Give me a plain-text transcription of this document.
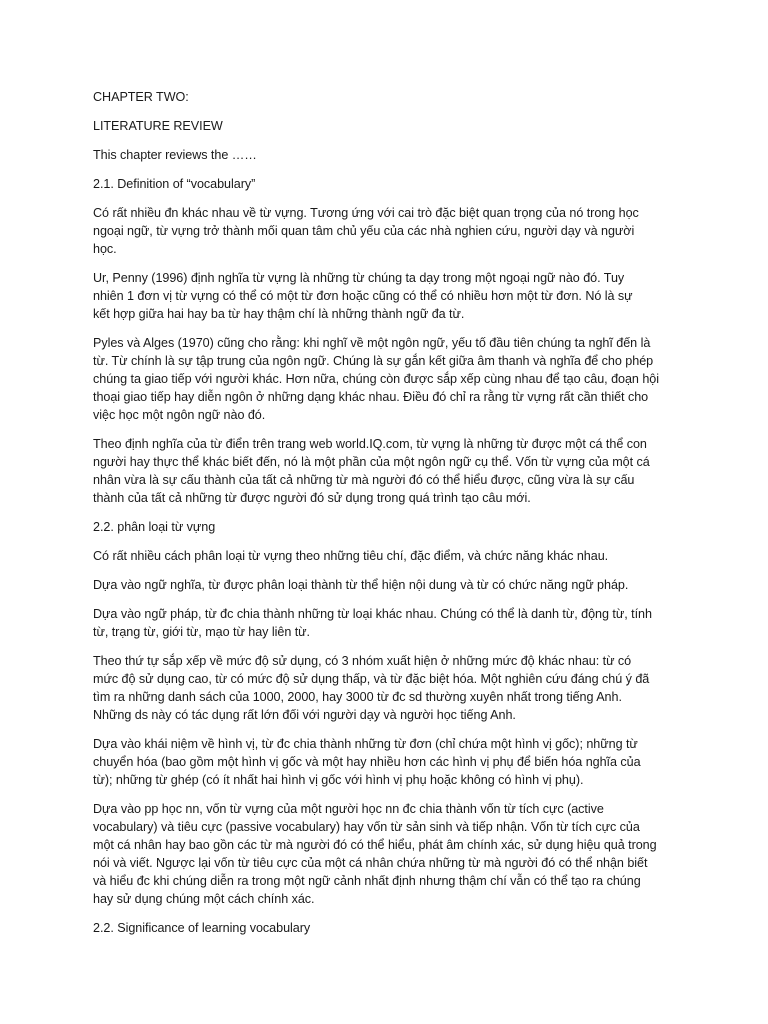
CHAPTER TWO:

LITERATURE REVIEW

This chapter reviews the ……

2.1. Definition of “vocabulary”

Có rất nhiều đn khác nhau về từ vựng. Tương ứng với cai trò đặc biệt quan trọng của nó trong học
ngoại ngữ, từ vựng trở thành mối quan tâm chủ yếu của các nhà nghien cứu, người dạy và người
học.
Ur, Penny (1996) định nghĩa từ vựng là những từ chúng ta dạy trong một ngoại ngữ nào đó. Tuy
nhiên 1 đơn vị từ vựng có thể có một từ đơn hoặc cũng có thể có nhiều hơn một từ đơn. Nó là sự
kết hợp giữa hai hay ba từ hay thậm chí là những thành ngữ đa từ.
Pyles và Alges (1970) cũng cho rằng: khi nghĩ về một ngôn ngữ, yếu tố đầu tiên chúng ta nghĩ đến là
từ. Từ chính là sự tập trung của ngôn ngữ. Chúng là sự gắn kết giữa âm thanh và nghĩa để cho phép
chúng ta giao tiếp với người khác. Hơn nữa, chúng còn được sắp xếp cùng nhau để tạo câu, đoạn hội
thoại giao tiếp hay diễn ngôn ở những dạng khác nhau. Điều đó chỉ ra rằng từ vựng rất cần thiết cho
việc học một ngôn ngữ nào đó.
Theo định nghĩa của từ điển trên trang web world.IQ.com, từ vựng là những từ được một cá thể con
người hay thực thể khác biết đến, nó là một phần của một ngôn ngữ cụ thể. Vốn từ vựng của một cá
nhân vừa là sự cấu thành của tất cả những từ mà người đó có thể hiểu được, cũng vừa là sự cấu
thành của tất cả những từ được người đó sử dụng trong quá trình tạo câu mới.

2.2. phân loại từ vựng

Có rất nhiều cách phân loại từ vựng theo những tiêu chí, đặc điểm, và chức năng khác nhau.
Dựa vào ngữ nghĩa, từ được phân loại thành từ thể hiện nội dung và từ có chức năng ngữ pháp.
Dựa vào ngữ pháp, từ đc chia thành những từ loại khác nhau. Chúng có thể là danh từ, động từ, tính
từ, trạng từ, giới từ, mạo từ hay liên từ.
Theo thứ tự sắp xếp về mức độ sử dụng, có 3 nhóm xuất hiện ở những mức độ khác nhau: từ có
mức độ sử dụng cao, từ có mức độ sử dụng thấp, và từ đặc biệt hóa. Một nghiên cứu đáng chú ý đã
tìm ra những danh sách của 1000, 2000, hay 3000 từ đc sd thường xuyên nhất trong tiếng Anh.
Những ds này có tác dụng rất lớn đối với người dạy và người học tiếng Anh.
Dựa vào khái niệm về hình vị, từ đc chia thành những từ đơn (chỉ chứa một hình vị gốc); những từ
chuyển hóa (bao gồm một hình vị gốc và một hay nhiều hơn các hình vị phụ để biến hóa nghĩa của
từ); những từ ghép (có ít nhất hai hình vị gốc với hình vị phụ hoặc không có hình vị phụ).
Dựa vào pp học nn, vốn từ vựng của một người học nn đc chia thành vốn từ tích cực (active
vocabulary) và tiêu cực (passive vocabulary) hay vốn từ sản sinh và tiếp nhận. Vốn từ tích cực của
một cá nhân hay bao gồn các từ mà người đó có thể hiểu, phát âm chính xác, sử dụng hiệu quả trong
nói và viết. Ngược lại vốn từ tiêu cực của một cá nhân chứa những từ mà người đó có thể nhận biết
và hiểu đc khi chúng diễn ra trong một ngữ cảnh nhất định nhưng thậm chí vẫn có thể tạo ra chúng
hay sử dụng chúng một cách chính xác.

2.2. Significance of learning vocabulary
